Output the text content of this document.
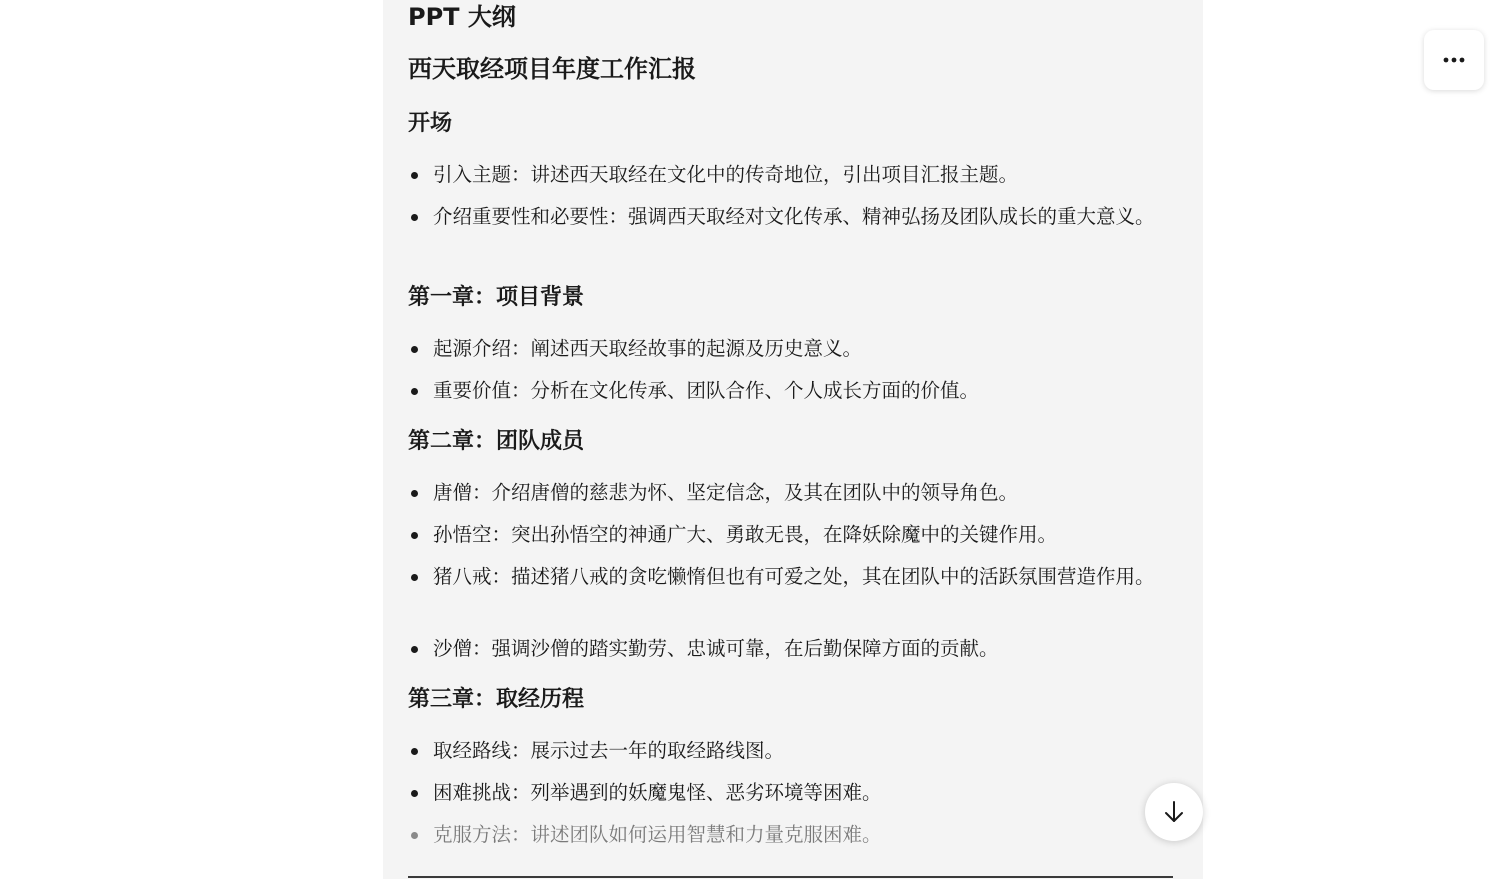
PPT 大纲
西天取经项目年度工作汇报
开场
引入主题：讲述西天取经在文化中的传奇地位，引出项目汇报主题。
介绍重要性和必要性：强调西天取经对文化传承、精神弘扬及团队成长的重大意义。
第一章：项目背景
起源介绍：阐述西天取经故事的起源及历史意义。
重要价值：分析在文化传承、团队合作、个人成长方面的价值。
第二章：团队成员
唐僧：介绍唐僧的慈悲为怀、坚定信念，及其在团队中的领导角色。
孙悟空：突出孙悟空的神通广大、勇敢无畏，在降妖除魔中的关键作用。
猪八戒：描述猪八戒的贪吃懒惰但也有可爱之处，其在团队中的活跃氛围营造作用。
沙僧：强调沙僧的踏实勤劳、忠诚可靠，在后勤保障方面的贡献。
第三章：取经历程
取经路线：展示过去一年的取经路线图。
困难挑战：列举遇到的妖魔鬼怪、恶劣环境等困难。
克服方法：讲述团队如何运用智慧和力量克服困难。
